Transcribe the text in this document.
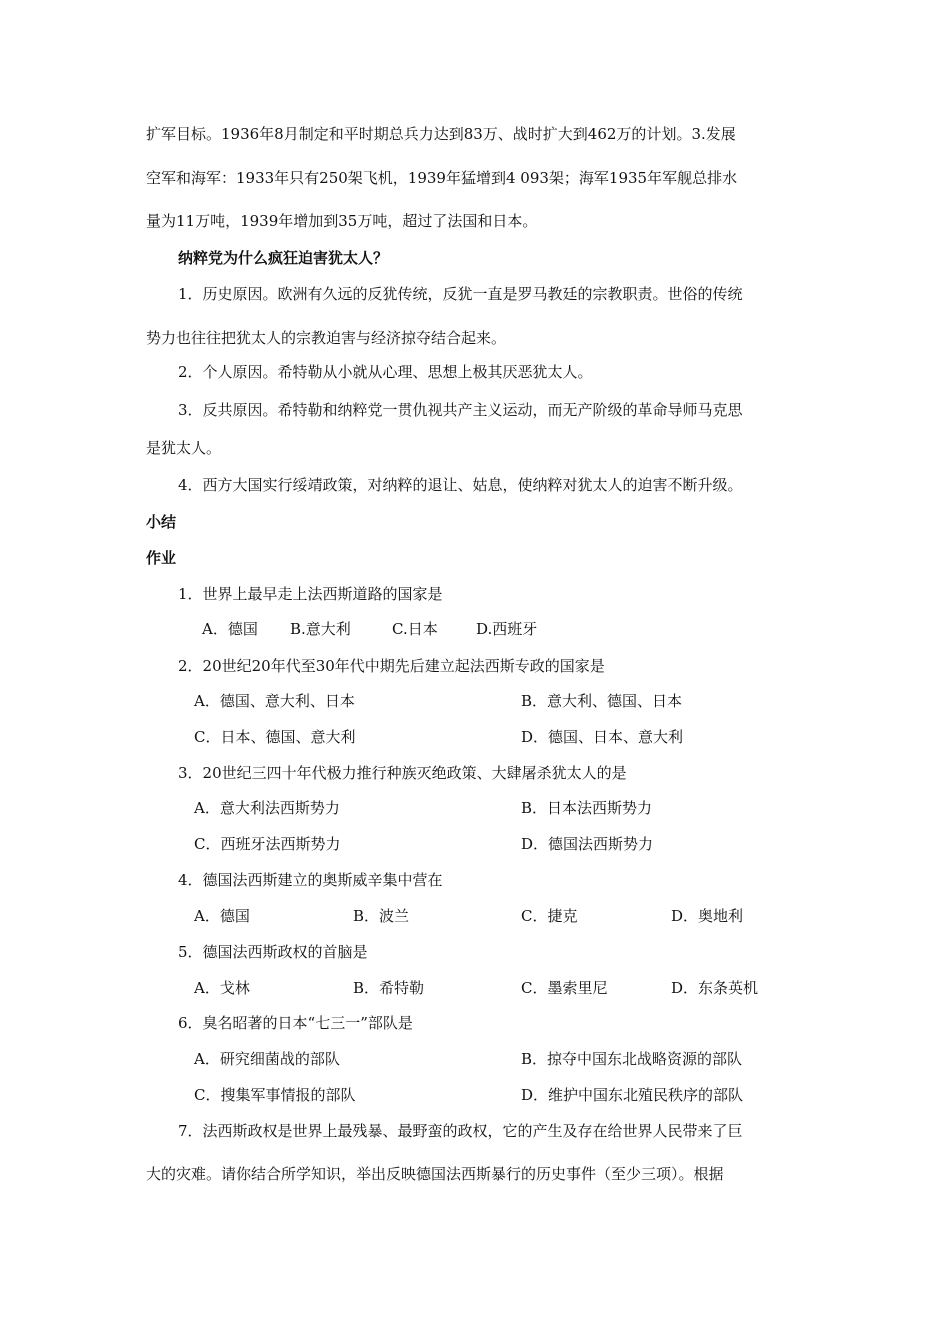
扩军目标。1936年8月制定和平时期总兵力达到83万、战时扩大到462万的计划。3.发展
空军和海军：1933年只有250架飞机，1939年猛增到4 093架；海军1935年军舰总排水
量为11万吨，1939年增加到35万吨，超过了法国和日本。
纳粹党为什么疯狂迫害犹太人？
1．历史原因。欧洲有久远的反犹传统，反犹一直是罗马教廷的宗教职责。世俗的传统
势力也往往把犹太人的宗教迫害与经济掠夺结合起来。
2．个人原因。希特勒从小就从心理、思想上极其厌恶犹太人。
3．反共原因。希特勒和纳粹党一贯仇视共产主义运动，而无产阶级的革命导师马克思
是犹太人。
4．西方大国实行绥靖政策，对纳粹的退让、姑息，使纳粹对犹太人的迫害不断升级。
小结
作业
1．世界上最早走上法西斯道路的国家是
A．德国 B.意大利	C.日本	D.西班牙
2．20世纪20年代至30年代中期先后建立起法西斯专政的国家是
A．德国、意大利、日本	B．意大利、德国、日本
C．日本、德国、意大利	D．德国、日本、意大利
3．20世纪三四十年代极力推行种族灭绝政策、大肆屠杀犹太人的是
A．意大利法西斯势力	B．日本法西斯势力
C．西班牙法西斯势力	D．德国法西斯势力
4．德国法西斯建立的奥斯威辛集中营在
A．德国	B．波兰	C．捷克	D．奥地利
5．德国法西斯政权的首脑是
A．戈林	B．希特勒	C．墨索里尼	D．东条英机
6．臭名昭著的日本“七三一”部队是
A．研究细菌战的部队	B．掠夺中国东北战略资源的部队
C．搜集军事情报的部队	D．维护中国东北殖民秩序的部队
7．法西斯政权是世界上最残暴、最野蛮的政权，它的产生及存在给世界人民带来了巨
大的灾难。请你结合所学知识，举出反映德国法西斯暴行的历史事件（至少三项）。根据
